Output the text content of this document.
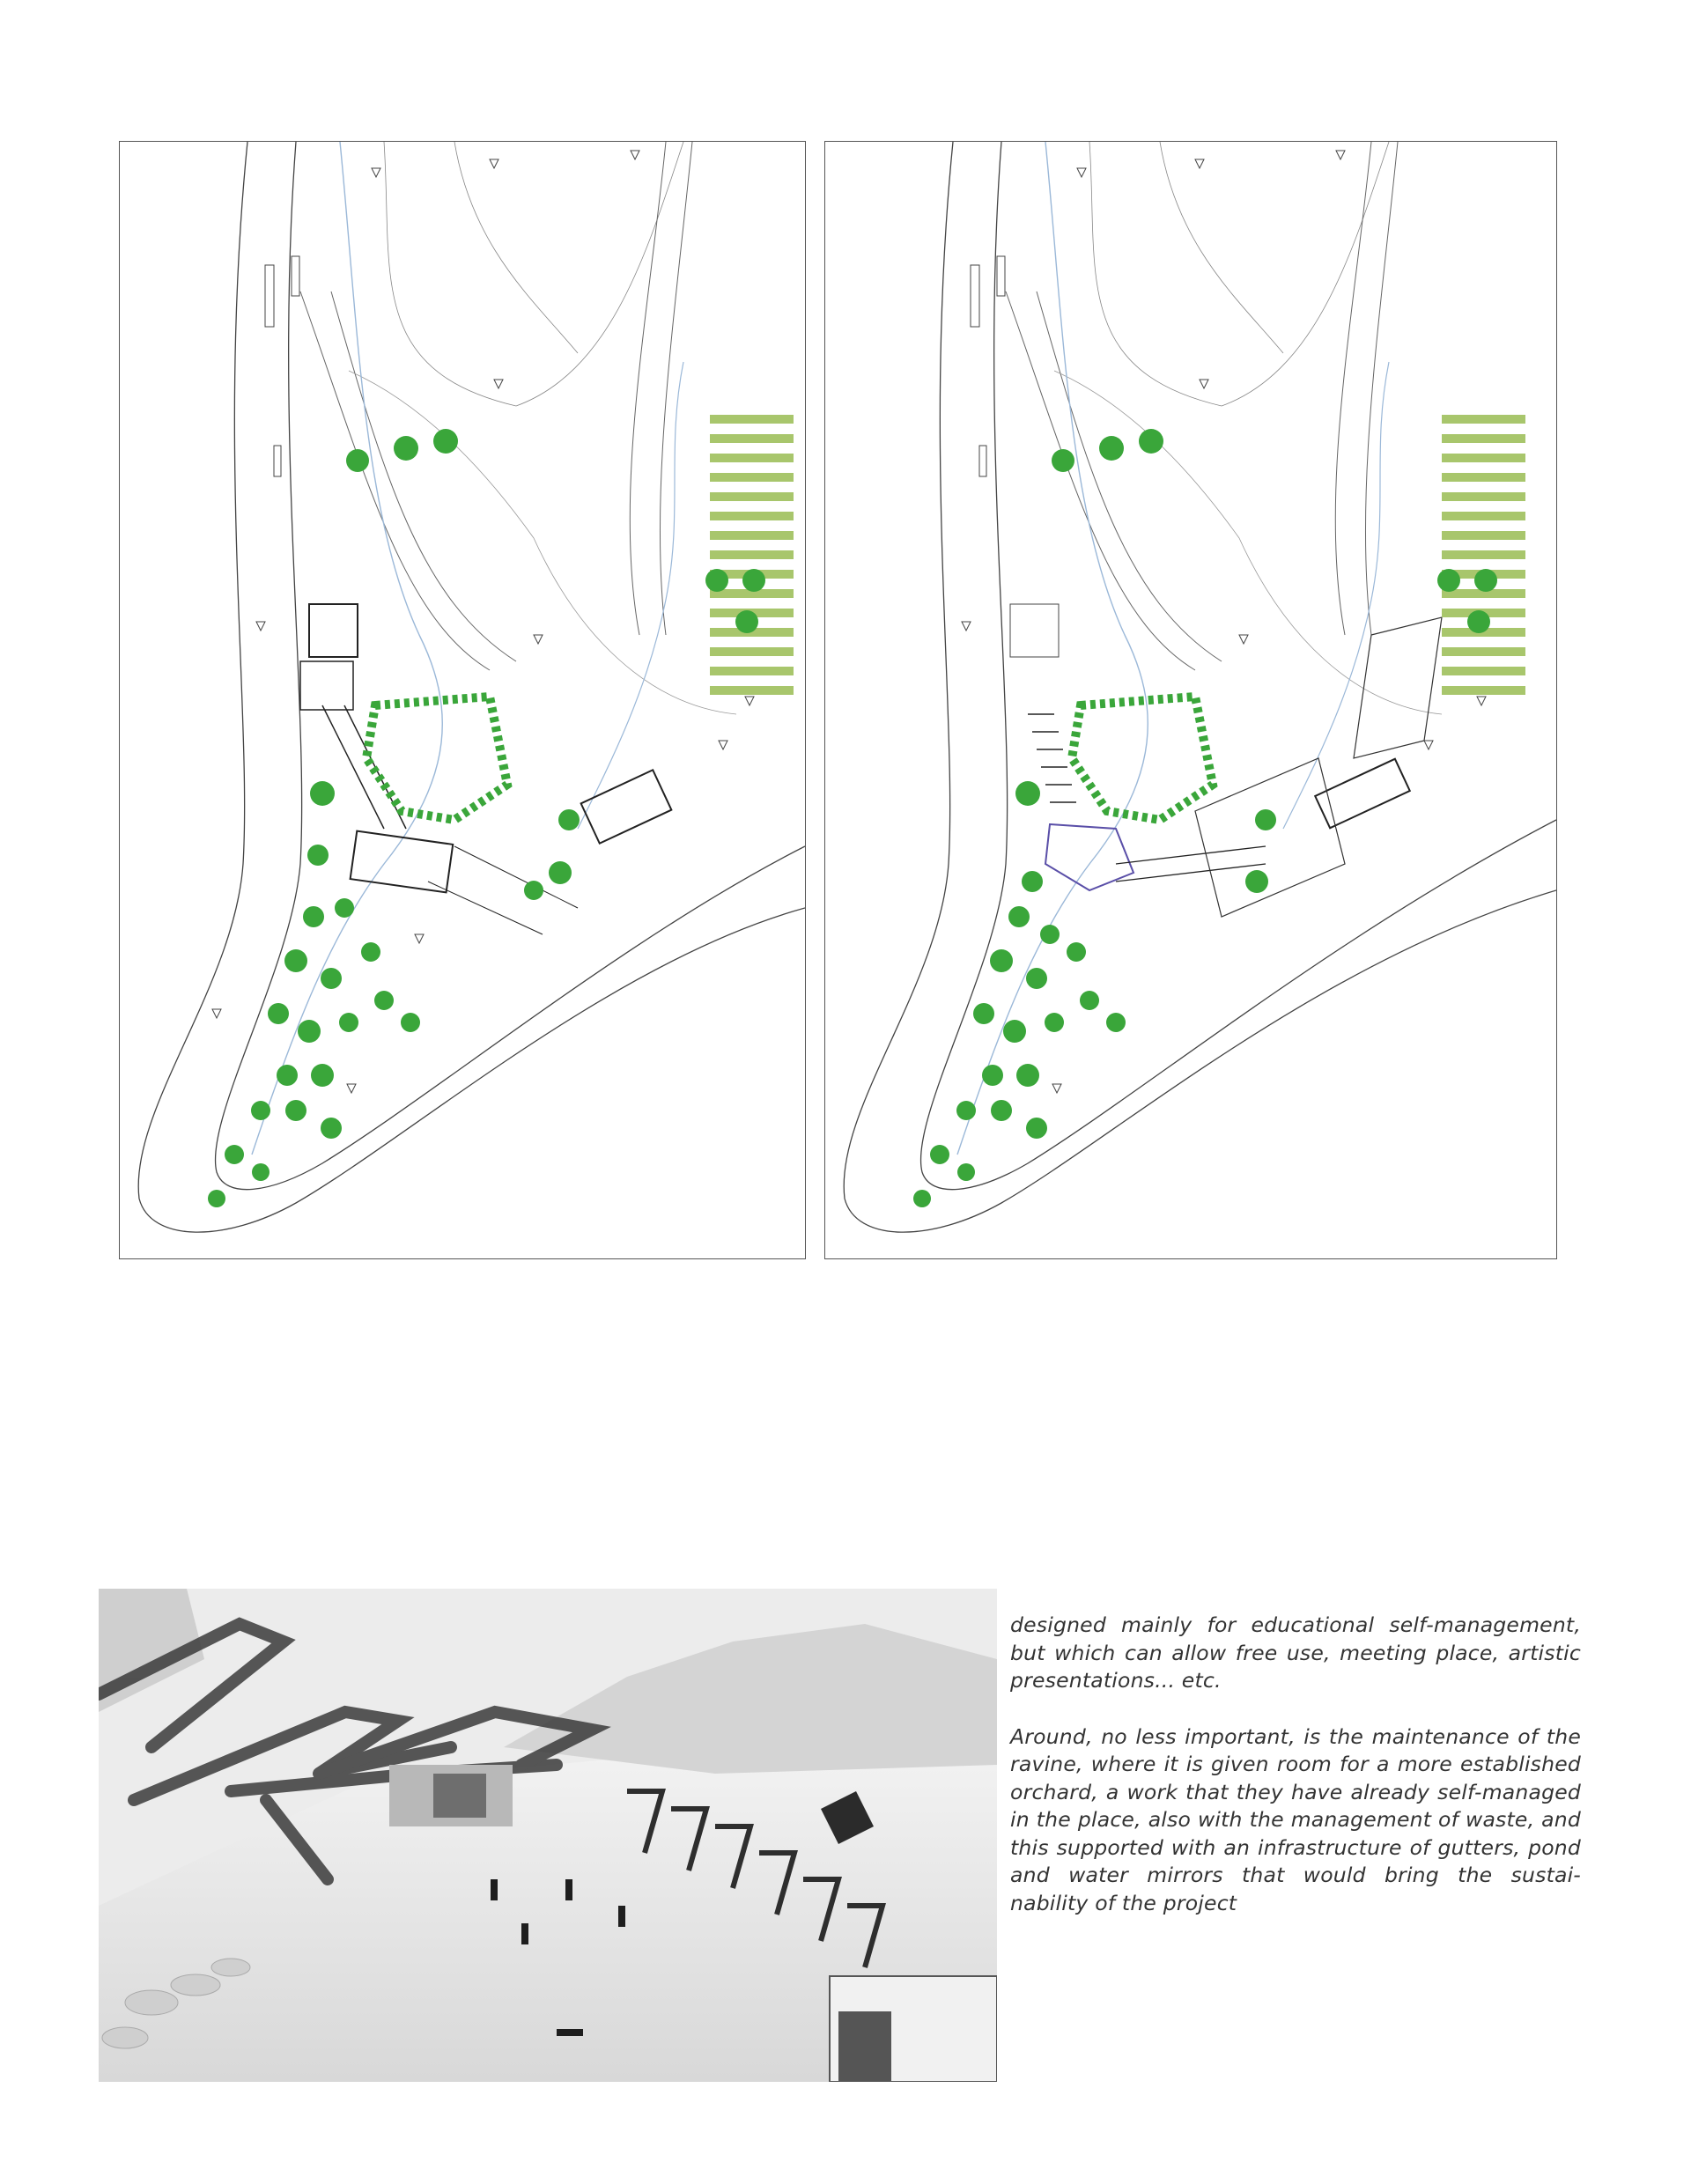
designed mainly for educational self-management, but which can allow free use, meeting place, artistic presentations... etc.

Around, no less important, is the maintenance of the ravine, where it is given room for a more established orchard, a work that they have already self-managed in the place, also with the management of waste, and this supported with an infrastructure of gutters, pond and water mirrors that would bring the sustai- nability of the project
